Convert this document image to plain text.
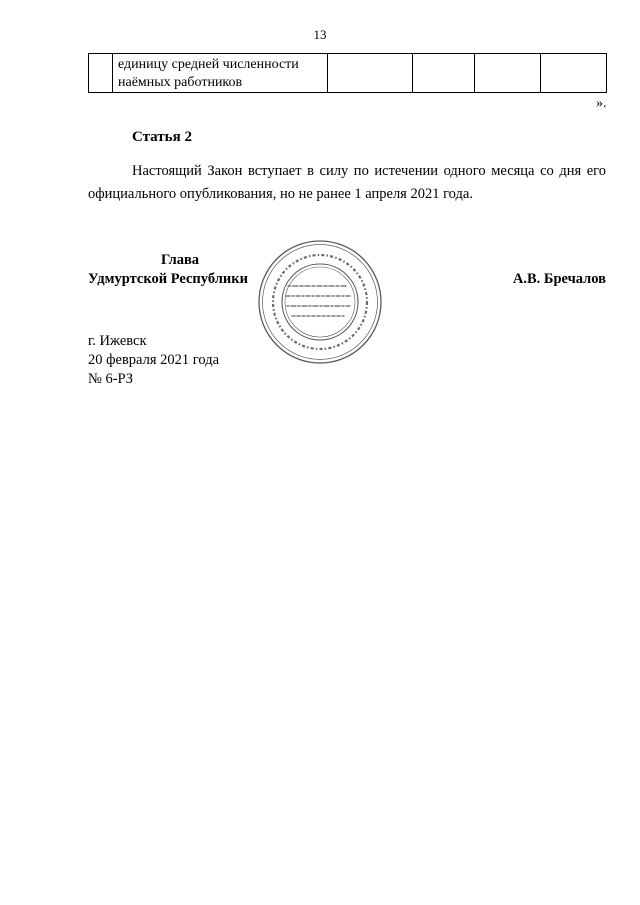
13

единицу средней численности
наёмных работников

».
Статья 2
Настоящий Закон вступает в силу по истечении одного месяца со дня его
официального опубликования, но не ранее 1 апреля 2021 года.
Глава
Удмуртской Республики	А.В. Бречалов
г. Ижевск
20 февраля 2021 года
№ 6-РЗ
